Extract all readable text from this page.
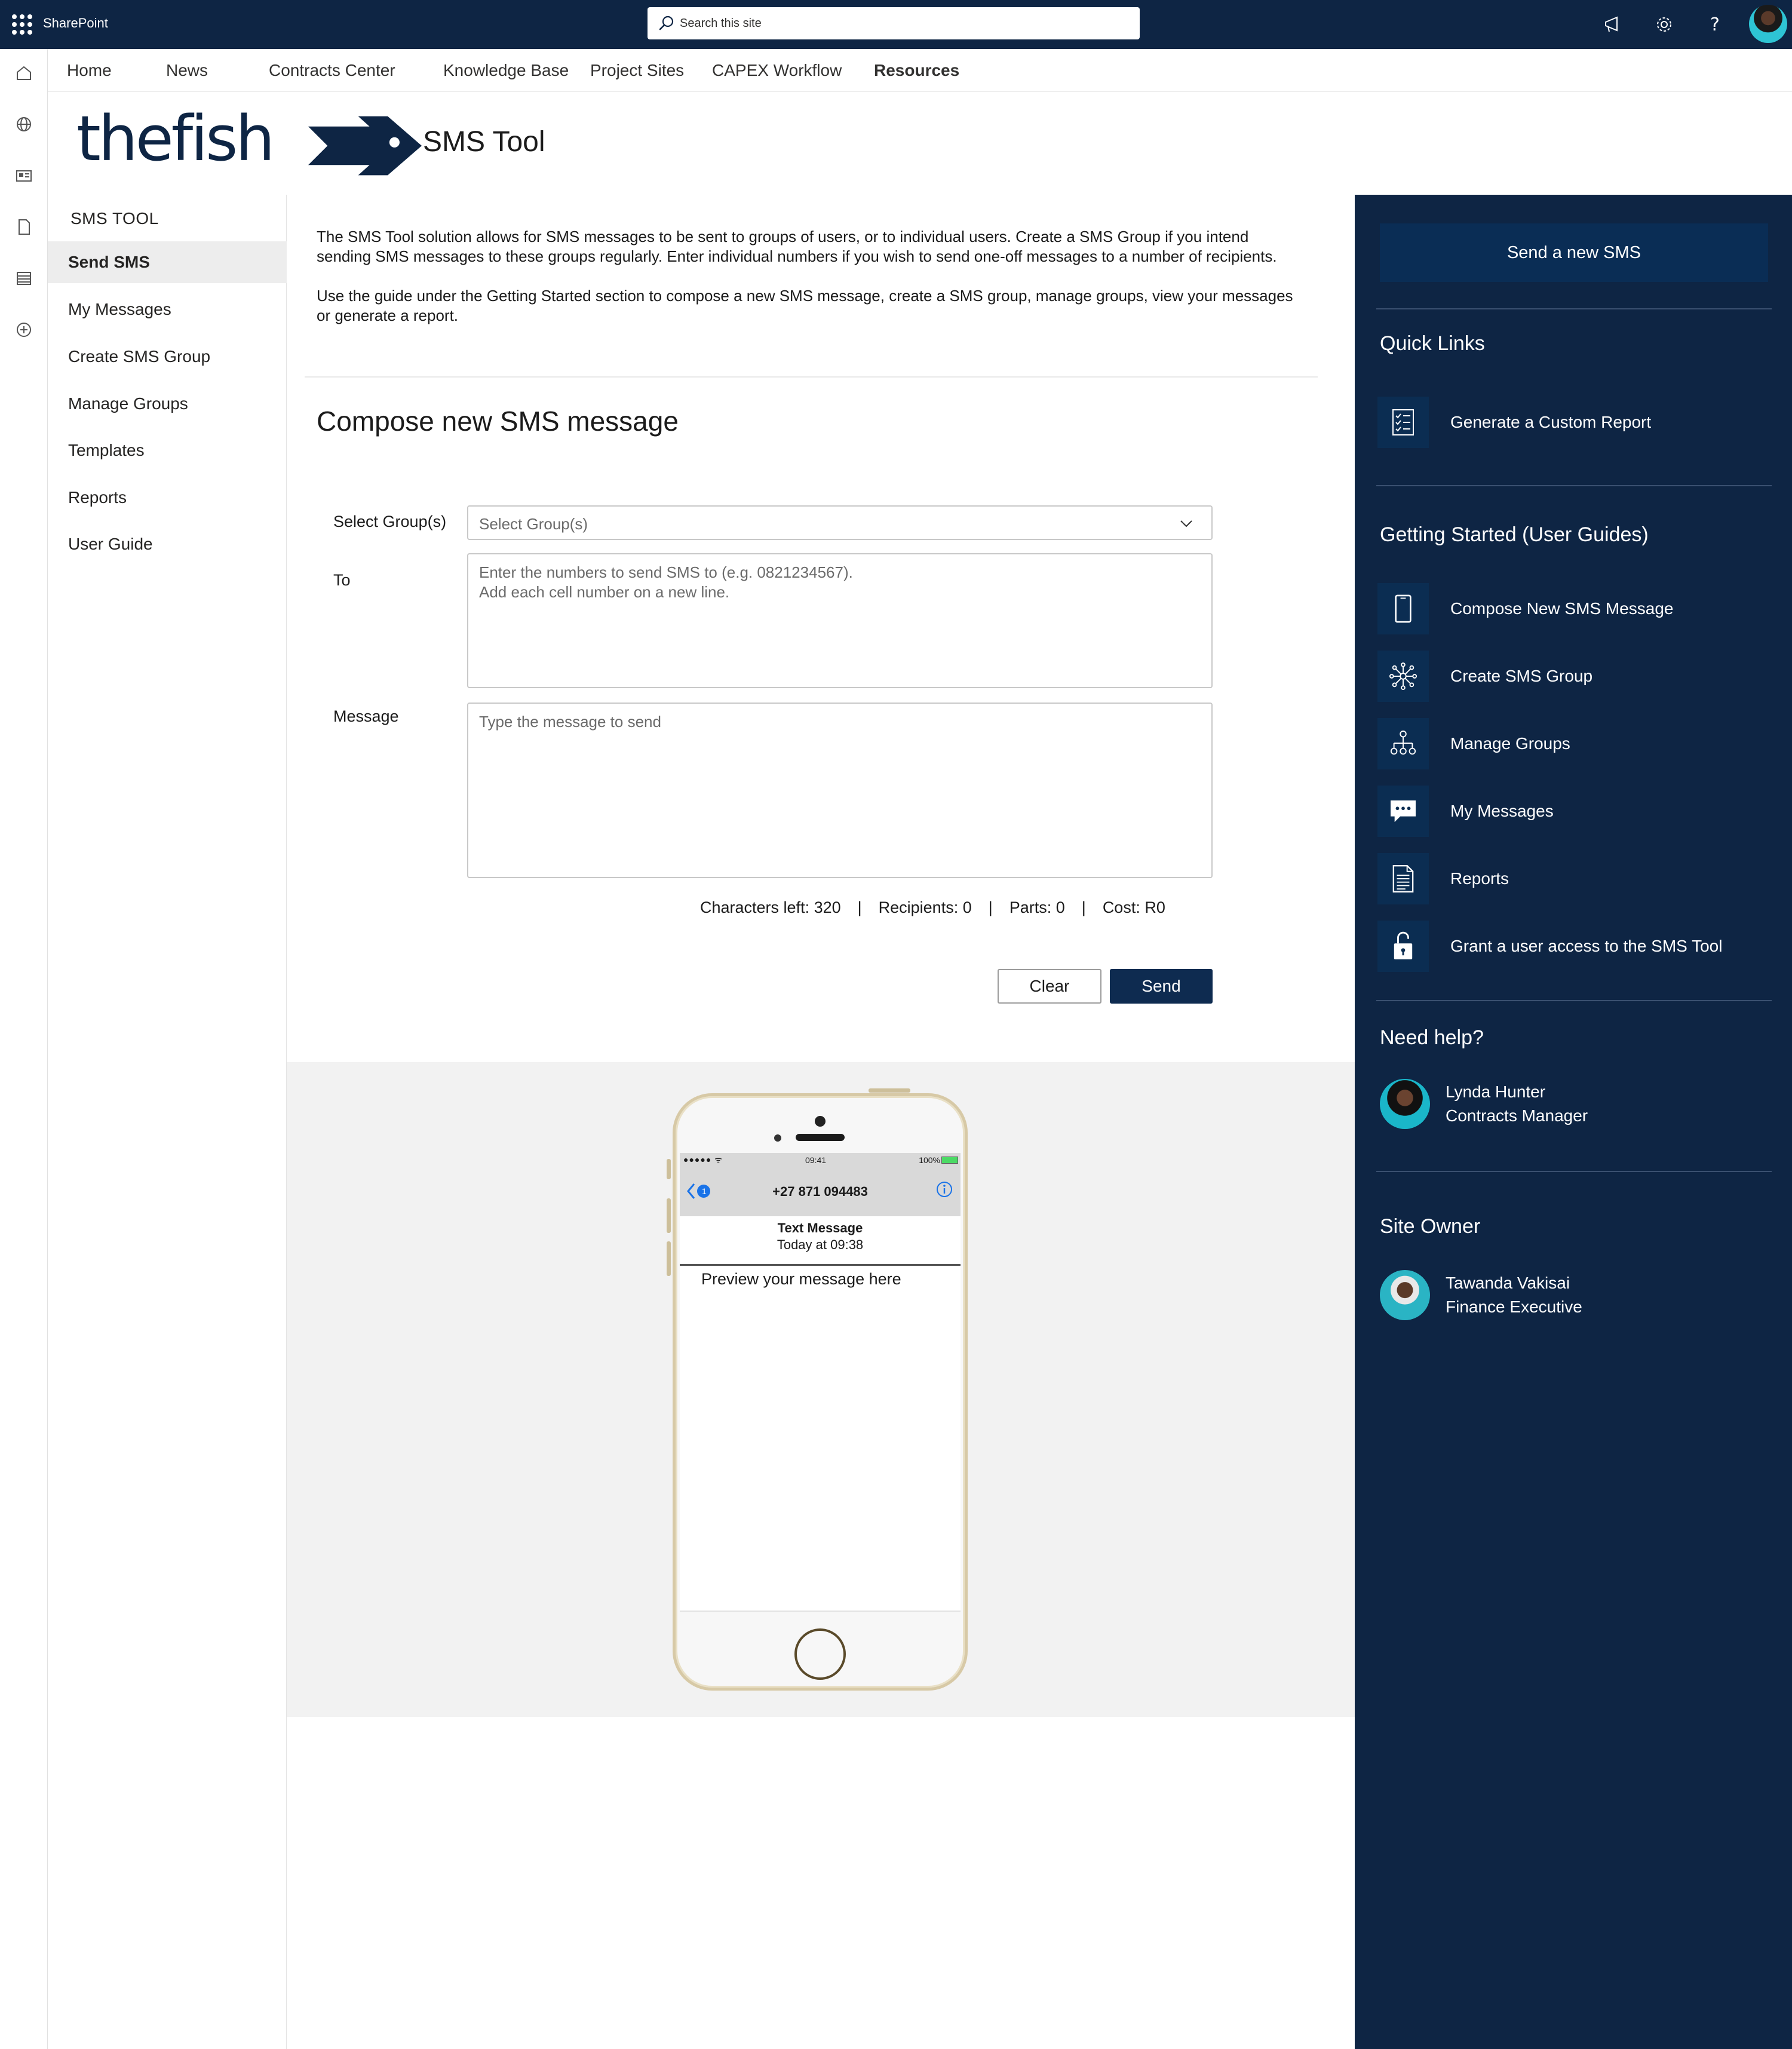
SharePoint
Search this site	?
Home	News	Contracts Center	Knowledge Base Project Sites CAPEX Workflow Resources
thefish	SMS Tool
SMS TOOL
Send SMS
My Messages
Create SMS Group
Manage Groups
Templates
Reports
User Guide

The SMS Tool solution allows for SMS messages to be sent to groups of users, or to individual users. Create a SMS Group if you intend sending SMS messages to these groups regularly. Enter individual numbers if you wish to send one-off messages to a number of recipients.

Use the guide under the Getting Started section to compose a new SMS message, create a SMS group, manage groups, view your messages or generate a report.

Compose new SMS message
Select Group(s) Select Group(s)
To
Enter the numbers to send SMS to (e.g. 0821234567). Add each cell number on a new line.
Message
Type the message to send
Characters left: 320 | Recipients: 0 | Parts: 0 | Cost: R0
Clear	Send
●●●●● ᯤ	09:41	100%
1	+27 871 094483
Text Message
Today at 09:38
Preview your message here
Send a new SMS
Quick Links
Generate a Custom Report
Getting Started (User Guides)
Compose New SMS Message
Create SMS Group
Manage Groups
My Messages
Reports
Grant a user access to the SMS Tool
Need help?
Lynda Hunter
Contracts Manager
Site Owner
Tawanda Vakisai
Finance Executive
